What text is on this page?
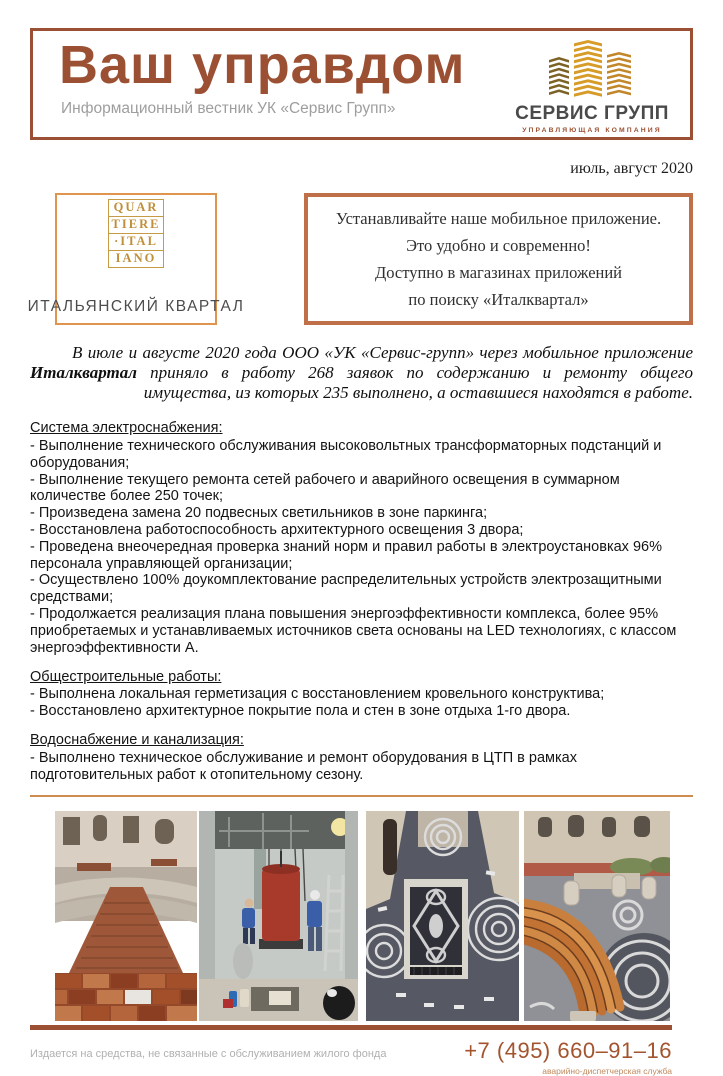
Ваш управдом
Информационный вестник УК «Сервис Групп»	СЕРВИС ГРУПП
УПРАВЛЯЮЩАЯ КОМПАНИЯ
июль, август 2020
QUAR
TIERE
·ITAL
IANO
ИТАЛЬЯНСКИЙ КВАРТАЛ
Устанавливайте наше мобильное приложение.
Это удобно и современно!
Доступно в магазинах приложений
по поиску «Италквартал»

В июле и августе 2020 года ООО «УК «Сервис-групп» через мобильное приложение Италквартал приняло в работу 268 заявок по содержанию и ремонту общего имущества, из которых 235 выполнено, а оставшиеся находятся в работе.

Система электроснабжения:

- Выполнение технического обслуживания высоковольтных трансформаторных подстанций и оборудования;

- Выполнение текущего ремонта сетей рабочего и аварийного освещения в суммарном количестве более 250 точек;

- Произведена замена 20 подвесных светильников в зоне паркинга;

- Восстановлена работоспособность архитектурного освещения 3 двора;

- Проведена внеочередная проверка знаний норм и правил работы в электроустановках 96% персонала управляющей организации;

- Осуществлено 100% доукомплектование распределительных устройств электрозащитными средствами;

- Продолжается реализация плана повышения энергоэффективности комплекса, более 95% приобретаемых и устанавливаемых источников света основаны на LED технологиях, с классом энергоэффективности А.

Общестроительные работы:

- Выполнена локальная герметизация с восстановлением кровельного конструктива;

- Восстановлено архитектурное покрытие пола и стен в зоне отдыха 1-го двора.

Водоснабжение и канализация:

- Выполнено техническое обслуживание и ремонт оборудования в ЦТП в рамках подготовительных работ к отопительному сезону.

Издается на средства, не связанные с обслуживанием жилого фонда	+7 (495) 660–91–16
аварийно-диспетчерская служба
